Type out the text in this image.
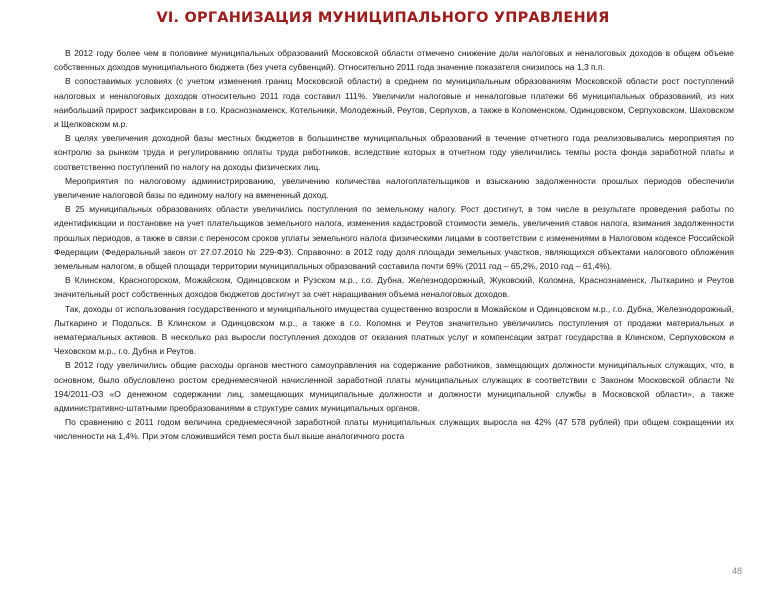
VI. ОРГАНИЗАЦИЯ МУНИЦИПАЛЬНОГО УПРАВЛЕНИЯ

В 2012 году более чем в половине муниципальных образований Московской области отмечено снижение доли налоговых и неналоговых доходов в общем объеме собственных доходов муниципального бюджета (без учета субвенций). Относительно 2011 года значение показателя снизилось на 1,3 п.п.

В сопоставимых условиях (с учетом изменения границ Московской области) в среднем по муниципальным образованиям Московской области рост поступлений налоговых и неналоговых доходов относительно 2011 года составил 111%. Увеличили налоговые и неналоговые платежи 66 муниципальных образований, из них наибольший прирост зафиксирован в г.о. Краснознаменск, Котельники, Молодежный, Реутов, Серпухов, а также в Коломенском, Одинцовском, Серпуховском, Шаховском и Щелковском м.р.

В целях увеличения доходной базы местных бюджетов в большинстве муниципальных образований в течение отчетного года реализовывались мероприятия по контролю за рынком труда и регулированию оплаты труда работников, вследствие которых в отчетном году увеличились темпы роста фонда заработной платы и соответственно поступлений по налогу на доходы физических лиц.

Мероприятия по налоговому администрированию, увеличению количества налогоплательщиков и взысканию задолженности прошлых периодов обеспечили увеличение налоговой базы по единому налогу на вмененный доход.

В 25 муниципальных образованиях области увеличились поступления по земельному налогу. Рост достигнут, в том числе в результате проведения работы по идентификации и постановке на учет плательщиков земельного налога, изменения кадастровой стоимости земель, увеличения ставок налога, взимания задолженности прошлых периодов, а также в связи с переносом сроков уплаты земельного налога физическими лицами в соответствии с изменениями в Налоговом кодексе Российской Федерации (Федеральный закон от 27.07.2010 № 229-ФЗ). Справочно: в 2012 году доля площади земельных участков, являющихся объектами налогового обложения земельным налогом, в общей площади территории муниципальных образований составила почти 69% (2011 год – 65,2%, 2010 год – 61,4%).

В Клинском, Красногорском, Можайском, Одинцовском и Рузском м.р., г.о. Дубна, Железнодорожный, Жуковский, Коломна, Краснознаменск, Лыткарино и Реутов значительный рост собственных доходов бюджетов достигнут за счет наращивания объема неналоговых доходов.

Так, доходы от использования государственного и муниципального имущества существенно возросли в Можайском и Одинцовском м.р., г.о. Дубна, Железнодорожный, Лыткарино и Подольск. В Клинском и Одинцовском м.р., а также в г.о. Коломна и Реутов значительно увеличились поступления от продажи материальных и нематериальных активов. В несколько раз выросли поступления доходов от оказания платных услуг и компенсации затрат государства в Клинском, Серпуховском и Чеховском м.р., г.о. Дубна и Реутов.

В 2012 году увеличились общие расходы органов местного самоуправления на содержание работников, замещающих должности муниципальных служащих, что, в основном, было обусловлено ростом среднемесячной начисленной заработной платы муниципальных служащих в соответствии с Законом Московской области № 194/2011-ОЗ «О денежном содержании лиц, замещающих муниципальные должности и должности муниципальной службы в Московской области», а также административно-штатными преобразованиями в структуре самих муниципальных органов.

По сравнению с 2011 годом величина среднемесячной заработной платы муниципальных служащих выросла на 42% (47 578 рублей) при общем сокращении их численности на 1,4%. При этом сложившийся темп роста был выше аналогичного роста

48
